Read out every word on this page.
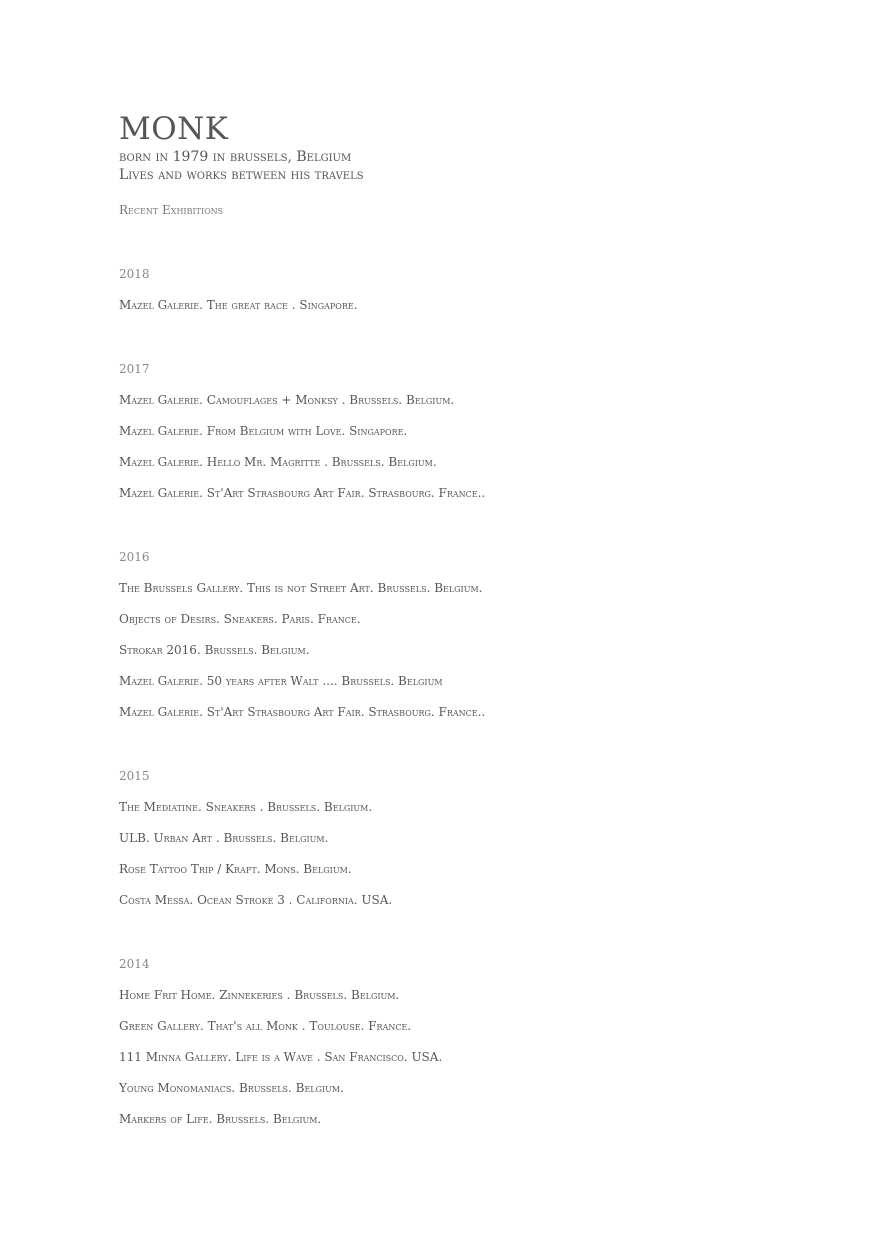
MONK

born in 1979 in brussels, Belgium

Lives and works between his travels

Recent Exhibitions

2018

Mazel Galerie. The great race . Singapore.

2017

Mazel Galerie. Camouflages + Monksy . Brussels. Belgium.
Mazel Galerie. From Belgium with Love. Singapore.
Mazel Galerie. Hello Mr. Magritte . Brussels. Belgium.
Mazel Galerie. St'Art Strasbourg Art Fair. Strasbourg. France..

2016

The Brussels Gallery. This is not Street Art. Brussels. Belgium.
Objects of Desirs. Sneakers. Paris. France.
Strokar 2016. Brussels. Belgium.
Mazel Galerie. 50 years after Walt .... Brussels. Belgium
Mazel Galerie. St'Art Strasbourg Art Fair. Strasbourg. France..

2015

The Mediatine. Sneakers . Brussels. Belgium.
ULB. Urban Art . Brussels. Belgium.
Rose Tattoo Trip / Kraft. Mons. Belgium.
Costa Messa. Ocean Stroke 3 . California. USA.

2014

Home Frit Home. Zinnekeries . Brussels. Belgium.
Green Gallery. That's all Monk . Toulouse. France.
111 Minna Gallery. Life is a Wave . San Francisco. USA.
Young Monomaniacs. Brussels. Belgium.
Markers of Life. Brussels. Belgium.
